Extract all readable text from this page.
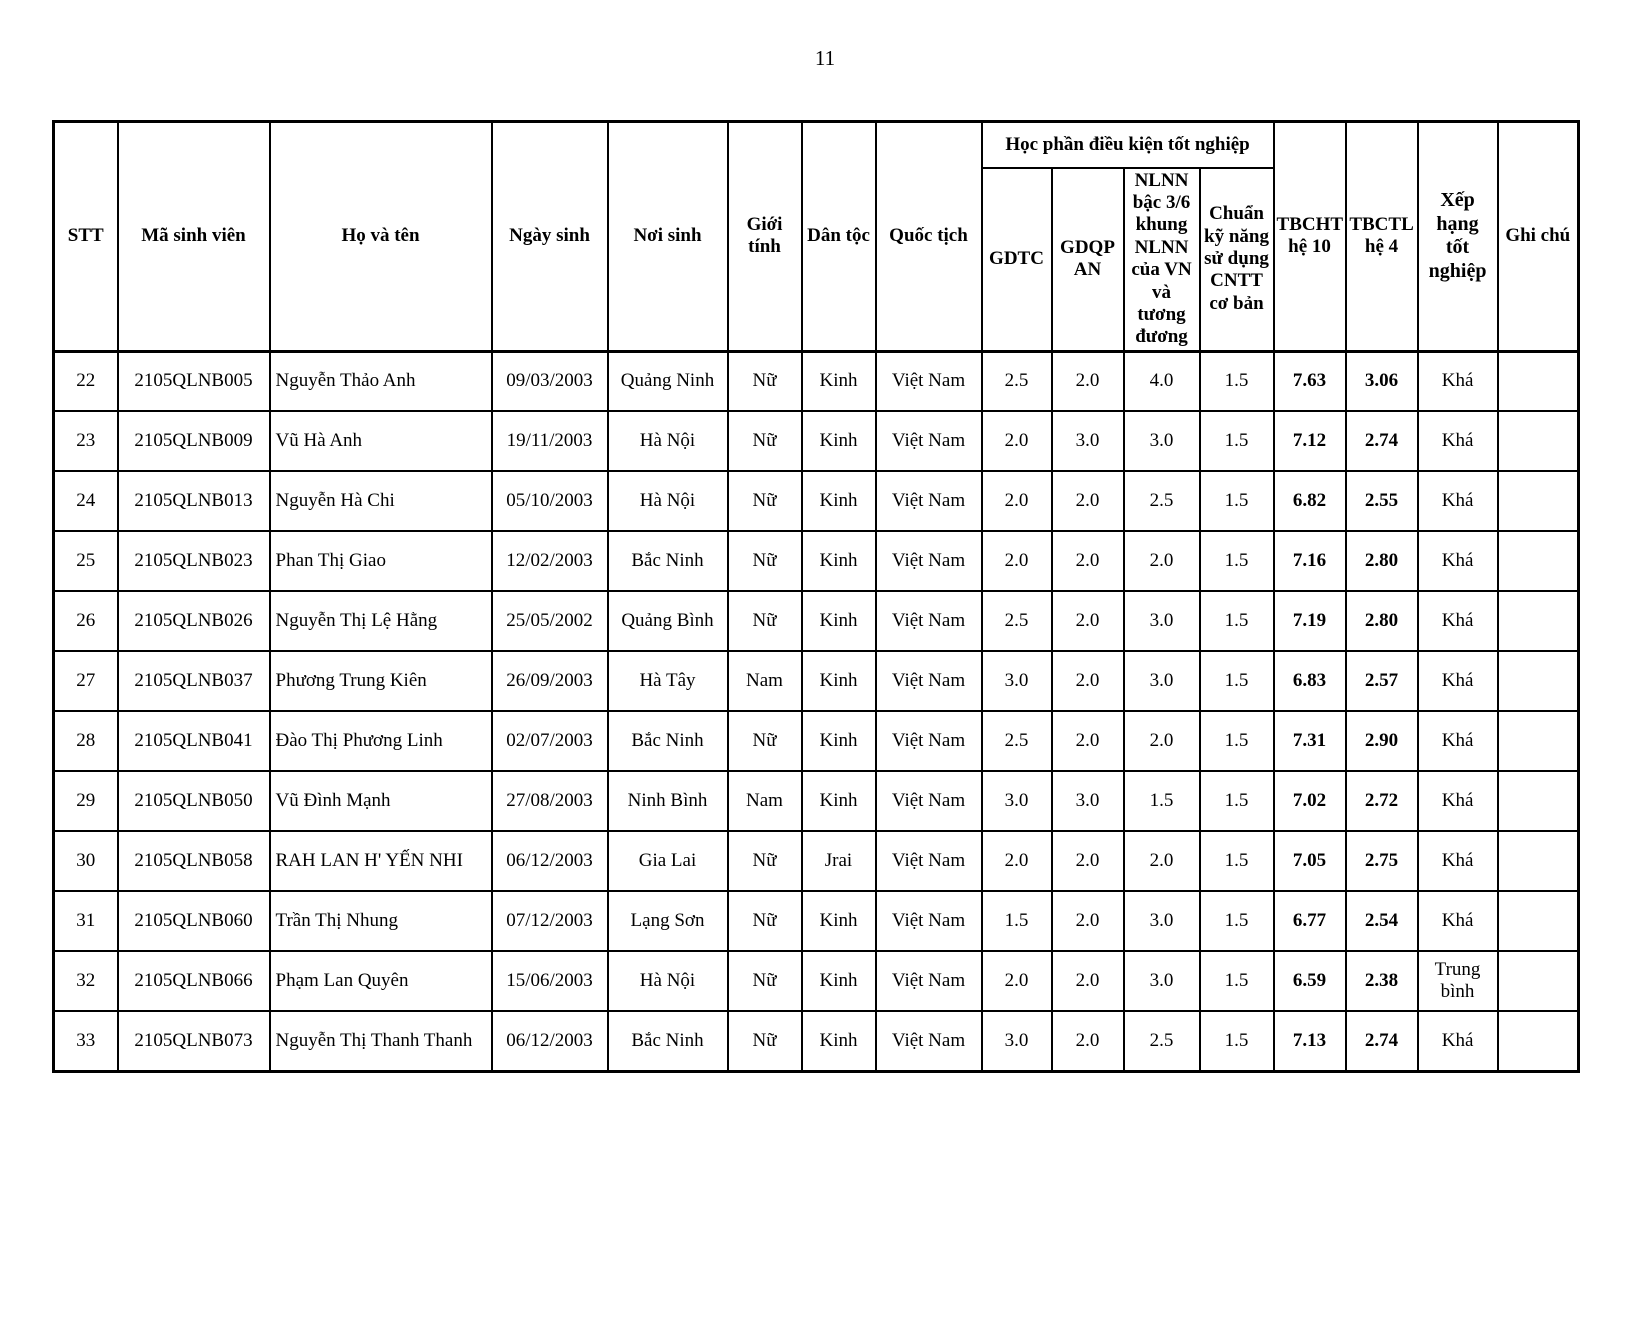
11
STT	Mã sinh viên	Họ và tên	Ngày sinh	Nơi sinh	Giới tính	Dân tộc	Quốc tịch	Học phần điều kiện tốt nghiệp				TBCHT hệ 10	TBCTL hệ 4	Xếp hạng tốt nghiệp	Ghi chú
								GDTC	GDQP AN	NLNN bậc 3/6 khung NLNN của VN và tương đương	Chuẩn kỹ năng sử dụng CNTT cơ bản				
22	2105QLNB005	Nguyễn Thảo Anh	09/03/2003	Quảng Ninh	Nữ	Kinh	Việt Nam	2.5	2.0	4.0	1.5	7.63	3.06	Khá	
23	2105QLNB009	Vũ Hà Anh	19/11/2003	Hà Nội	Nữ	Kinh	Việt Nam	2.0	3.0	3.0	1.5	7.12	2.74	Khá	
24	2105QLNB013	Nguyễn Hà Chi	05/10/2003	Hà Nội	Nữ	Kinh	Việt Nam	2.0	2.0	2.5	1.5	6.82	2.55	Khá	
25	2105QLNB023	Phan Thị Giao	12/02/2003	Bắc Ninh	Nữ	Kinh	Việt Nam	2.0	2.0	2.0	1.5	7.16	2.80	Khá	
26	2105QLNB026	Nguyễn Thị Lệ Hằng	25/05/2002	Quảng Bình	Nữ	Kinh	Việt Nam	2.5	2.0	3.0	1.5	7.19	2.80	Khá	
27	2105QLNB037	Phương Trung Kiên	26/09/2003	Hà Tây	Nam	Kinh	Việt Nam	3.0	2.0	3.0	1.5	6.83	2.57	Khá	
28	2105QLNB041	Đào Thị Phương Linh	02/07/2003	Bắc Ninh	Nữ	Kinh	Việt Nam	2.5	2.0	2.0	1.5	7.31	2.90	Khá	
29	2105QLNB050	Vũ Đình Mạnh	27/08/2003	Ninh Bình	Nam	Kinh	Việt Nam	3.0	3.0	1.5	1.5	7.02	2.72	Khá	
30	2105QLNB058	RAH LAN H' YẾN NHI	06/12/2003	Gia Lai	Nữ	Jrai	Việt Nam	2.0	2.0	2.0	1.5	7.05	2.75	Khá	
31	2105QLNB060	Trần Thị Nhung	07/12/2003	Lạng Sơn	Nữ	Kinh	Việt Nam	1.5	2.0	3.0	1.5	6.77	2.54	Khá	
32	2105QLNB066	Phạm Lan Quyên	15/06/2003	Hà Nội	Nữ	Kinh	Việt Nam	2.0	2.0	3.0	1.5	6.59	2.38	Trung bình	
33	2105QLNB073	Nguyễn Thị Thanh Thanh	06/12/2003	Bắc Ninh	Nữ	Kinh	Việt Nam	3.0	2.0	2.5	1.5	7.13	2.74	Khá	
